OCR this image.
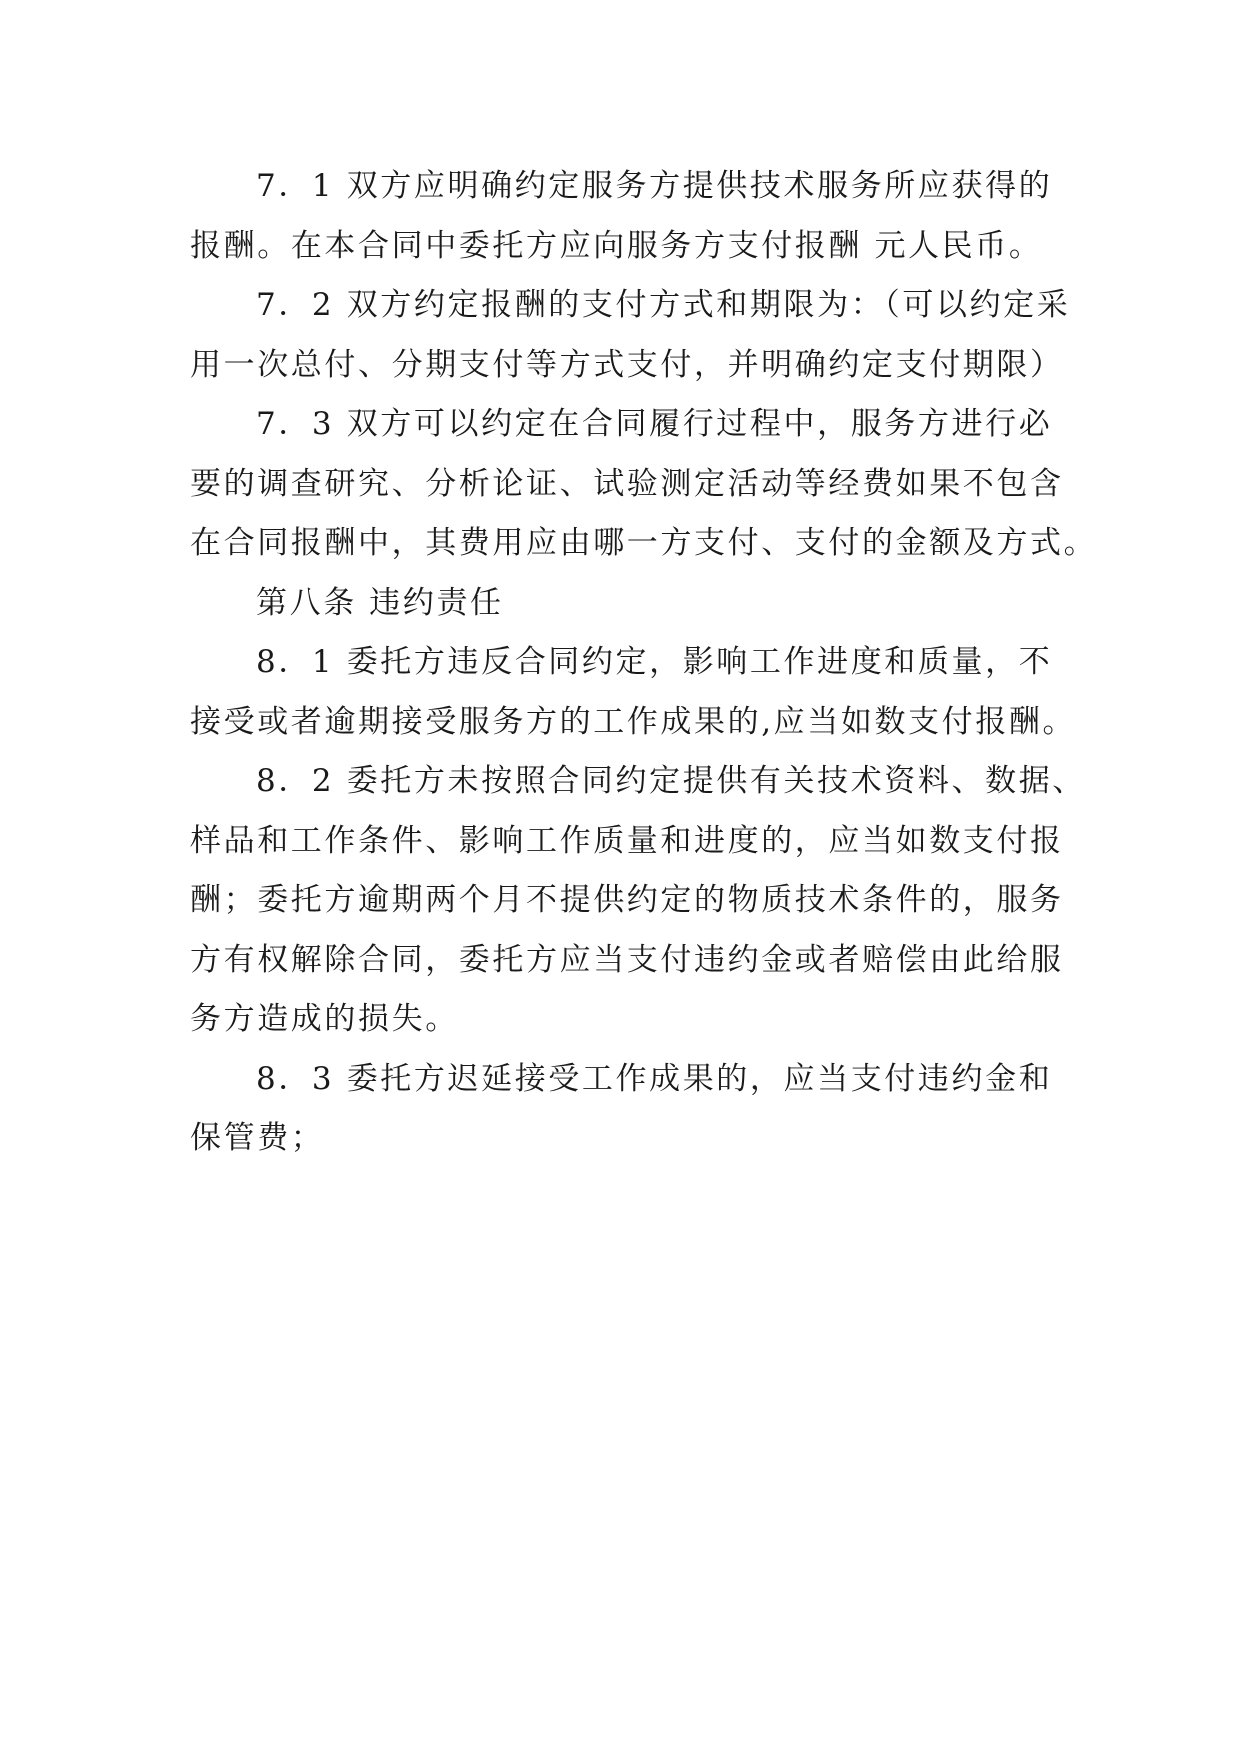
7．1 双方应明确约定服务方提供技术服务所应获得的
报酬。在本合同中委托方应向服务方支付报酬 元人民币。
7．2 双方约定报酬的支付方式和期限为：（可以约定采
用一次总付、分期支付等方式支付，并明确约定支付期限）
7．3 双方可以约定在合同履行过程中，服务方进行必
要的调查研究、分析论证、试验测定活动等经费如果不包含
在合同报酬中，其费用应由哪一方支付、支付的金额及方式。
第八条 违约责任
8．1 委托方违反合同约定，影响工作进度和质量，不
接受或者逾期接受服务方的工作成果的,应当如数支付报酬。
8．2 委托方未按照合同约定提供有关技术资料、数据、
样品和工作条件、影响工作质量和进度的，应当如数支付报
酬；委托方逾期两个月不提供约定的物质技术条件的，服务
方有权解除合同，委托方应当支付违约金或者赔偿由此给服
务方造成的损失。
8．3 委托方迟延接受工作成果的，应当支付违约金和
保管费；
